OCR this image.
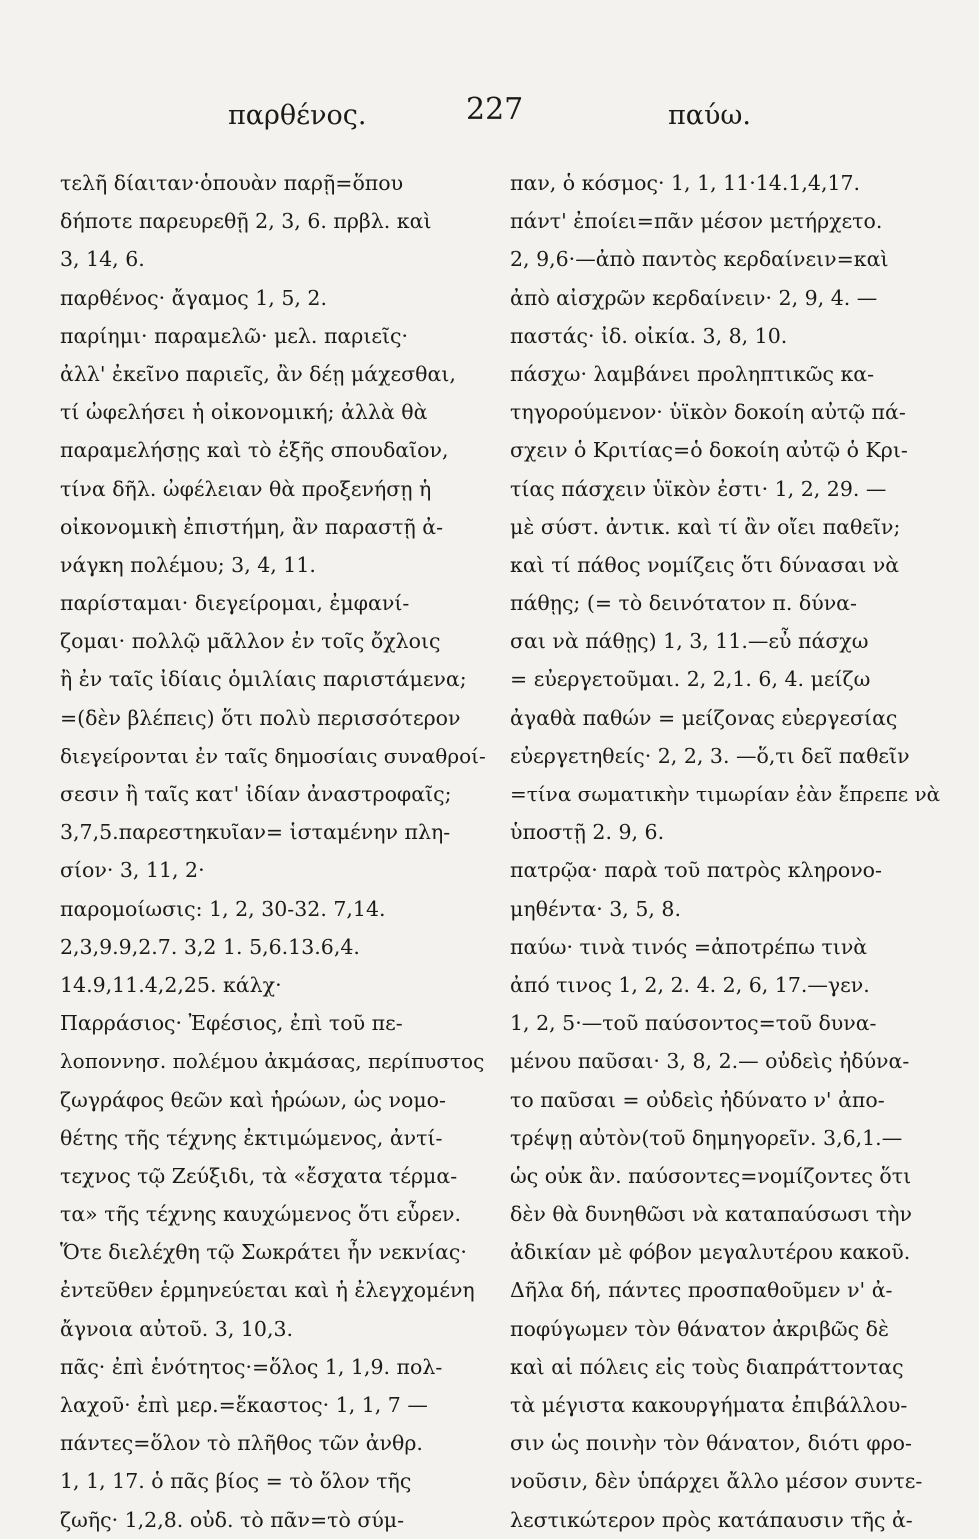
παρθένος.	227	παύω.
τελῆ δίαιταν·ὁπουὰν παρῇ=ὅπου
δήποτε παρευρεθῇ 2, 3, 6. πρβλ. καὶ
3, 14, 6.
παρθένος· ἄγαμος 1, 5, 2.
παρίημι· παραμελῶ· μελ. παριεῖς·
ἀλλ' ἐκεῖνο παριεῖς, ἂν δέῃ μάχεσθαι,
τί ὠφελήσει ἡ οἰκονομική; ἀλλὰ θὰ
παραμελήσῃς καὶ τὸ ἐξῆς σπουδαῖον,
τίνα δῆλ. ὠφέλειαν θὰ προξενήσῃ ἡ
οἰκονομικὴ ἐπιστήμη, ἂν παραστῇ ἀ-
νάγκη πολέμου; 3, 4, 11.
παρίσταμαι· διεγείρομαι, ἐμφανί-
ζομαι· πολλῷ μᾶλλον ἐν τοῖς ὄχλοις
ἢ ἐν ταῖς ἰδίαις ὁμιλίαις παριστάμενα;
=(δὲν βλέπεις) ὅτι πολὺ περισσότερον
διεγείρονται ἐν ταῖς δημοσίαις συναθροί-
σεσιν ἢ ταῖς κατ' ἰδίαν ἀναστροφαῖς;
3,7,5.παρεστηκυῖαν= ἱσταμένην πλη-
σίον· 3, 11, 2·
παρομοίωσις: 1, 2, 30-32. 7,14.
2,3,9.9,2.7. 3,2 1. 5,6.13.6,4.
14.9,11.4,2,25. κάλχ·
Παρράσιος· Ἐφέσιος, ἐπὶ τοῦ πε-
λοποννησ. πολέμου ἀκμάσας, περίπυστος
ζωγράφος θεῶν καὶ ἡρώων, ὡς νομο-
θέτης τῆς τέχνης ἐκτιμώμενος, ἀντί-
τεχνος τῷ Ζεύξιδι, τὰ «ἔσχατα τέρμα-
τα» τῆς τέχνης καυχώμενος ὅτι εὗρεν.
Ὅτε διελέχθη τῷ Σωκράτει ἦν νεκνίας·
ἐντεῦθεν ἑρμηνεύεται καὶ ἡ ἐλεγχομένη
ἄγνοια αὐτοῦ. 3, 10,3.
πᾶς· ἐπὶ ἑνότητος·=ὅλος 1, 1,9. πολ-
λαχοῦ· ἐπὶ μερ.=ἕκαστος· 1, 1, 7 —
πάντες=ὅλον τὸ πλῆθος τῶν ἀνθρ.
1, 1, 17. ὁ πᾶς βίος = τὸ ὅλον τῆς
ζωῆς· 1,2,8. οὐδ. τὸ πᾶν=τὸ σύμ-
παν, ὁ κόσμος· 1, 1, 11·14.1,4,17.
πάντ' ἐποίει=πᾶν μέσον μετήρχετο.
2, 9,6·—ἀπὸ παντὸς κερδαίνειν=καὶ
ἀπὸ αἰσχρῶν κερδαίνειν· 2, 9, 4. —
παστάς· ἰδ. οἰκία. 3, 8, 10.
πάσχω· λαμβάνει προληπτικῶς κα-
τηγορούμενον· ὑϊκὸν δοκοίη αὐτῷ πά-
σχειν ὁ Κριτίας=ὁ δοκοίη αὐτῷ ὁ Κρι-
τίας πάσχειν ὑϊκὸν ἐστι· 1, 2, 29. —
μὲ σύστ. ἀντικ. καὶ τί ἂν οἴει παθεῖν;
καὶ τί πάθος νομίζεις ὅτι δύνασαι νὰ
πάθῃς; (= τὸ δεινότατον π. δύνα-
σαι νὰ πάθῃς) 1, 3, 11.—εὖ πάσχω
= εὐεργετοῦμαι. 2, 2,1. 6, 4. μείζω
ἀγαθὰ παθών = μείζονας εὐεργεσίας
εὐεργετηθείς· 2, 2, 3. —ὅ,τι δεῖ παθεῖν
=τίνα σωματικὴν τιμωρίαν ἐὰν ἔπρεπε νὰ
ὑποστῇ 2. 9, 6.
πατρῷα· παρὰ τοῦ πατρὸς κληρονο-
μηθέντα· 3, 5, 8.
παύω· τινὰ τινός =ἀποτρέπω τινὰ
ἀπό τινος 1, 2, 2. 4. 2, 6, 17.—γεν.
1, 2, 5·—τοῦ παύσοντος=τοῦ δυνα-
μένου παῦσαι· 3, 8, 2.— οὐδεὶς ἠδύνα-
το παῦσαι = οὐδεὶς ἠδύνατο ν' ἀπο-
τρέψῃ αὐτὸν(τοῦ δημηγορεῖν. 3,6,1.—
ὡς οὐκ ἂν. παύσοντες=νομίζοντες ὅτι
δὲν θὰ δυνηθῶσι νὰ καταπαύσωσι τὴν
ἀδικίαν μὲ φόβον μεγαλυτέρου κακοῦ.
Δῆλα δή, πάντες προσπαθοῦμεν ν' ἀ-
ποφύγωμεν τὸν θάνατον ἀκριβῶς δὲ
καὶ αἱ πόλεις εἰς τοὺς διαπράττοντας
τὰ μέγιστα κακουργήματα ἐπιβάλλου-
σιν ὡς ποινὴν τὸν θάνατον, διότι φρο-
νοῦσιν, δὲν ὑπάρχει ἄλλο μέσον συντε-
λεστικώτερον πρὸς κατάπαυσιν τῆς ἀ-
